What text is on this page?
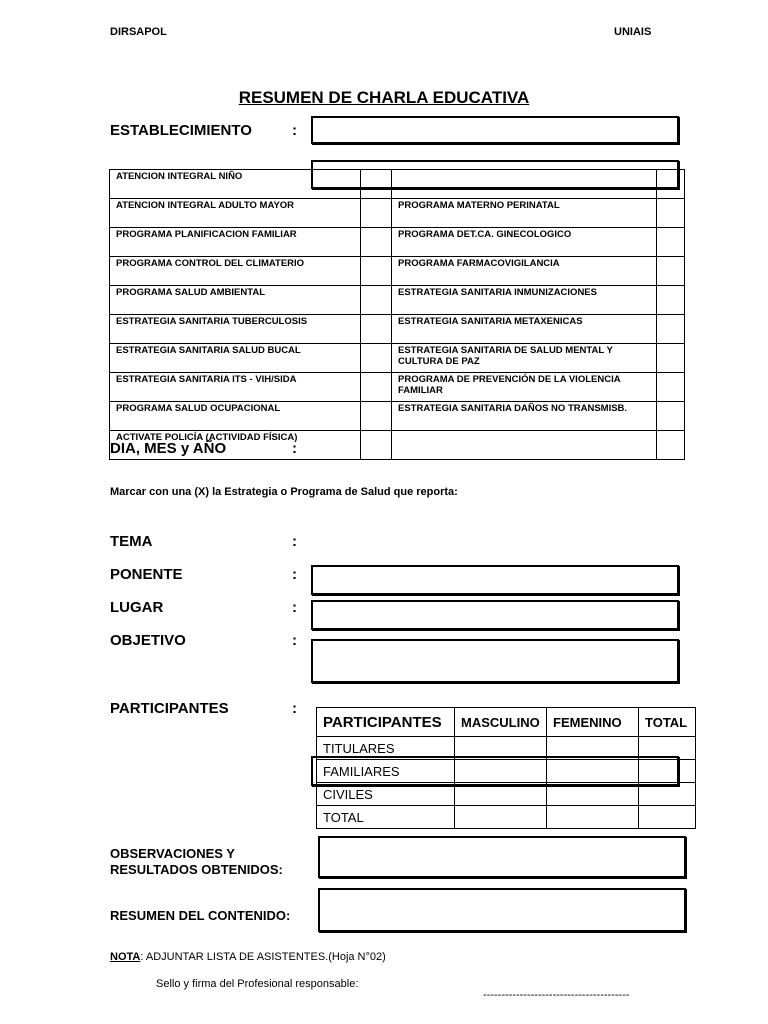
DIRSAPOL	UNIAIS
RESUMEN DE CHARLA EDUCATIVA
ESTABLECIMIENTO	:
ATENCION INTEGRAL NIÑO			
ATENCION INTEGRAL ADULTO MAYOR		PROGRAMA MATERNO PERINATAL	
PROGRAMA PLANIFICACION FAMILIAR		PROGRAMA DET.CA. GINECOLOGICO	
PROGRAMA CONTROL DEL CLIMATERIO		PROGRAMA FARMACOVIGILANCIA	
PROGRAMA SALUD AMBIENTAL		ESTRATEGIA SANITARIA INMUNIZACIONES	
ESTRATEGIA SANITARIA TUBERCULOSIS		ESTRATEGIA SANITARIA METAXENICAS	
ESTRATEGIA SANITARIA SALUD BUCAL		ESTRATEGIA SANITARIA DE SALUD MENTAL Y CULTURA DE PAZ	
ESTRATEGIA SANITARIA ITS - VIH/SIDA		PROGRAMA DE PREVENCIÓN DE LA VIOLENCIA FAMILIAR	
PROGRAMA SALUD OCUPACIONAL		ESTRATEGIA SANITARIA DAÑOS NO TRANSMISB.	
ACTIVATE POLICÍA (ACTIVIDAD FÍSICA)			
DIA, MES y AÑO	:
Marcar con una (X) la Estrategia o Programa de Salud que reporta:
TEMA	:
PONENTE	:
LUGAR	:
OBJETIVO	:
PARTICIPANTES	:
PARTICIPANTES	MASCULINO	FEMENINO	TOTAL
TITULARES			
FAMILIARES			
CIVILES			
TOTAL			
OBSERVACIONES Y
RESULTADOS OBTENIDOS:
RESUMEN DEL CONTENIDO:
NOTA: ADJUNTAR LISTA DE ASISTENTES.(Hoja N°02)
Sello y firma del Profesional responsable:
----------------------------------------
